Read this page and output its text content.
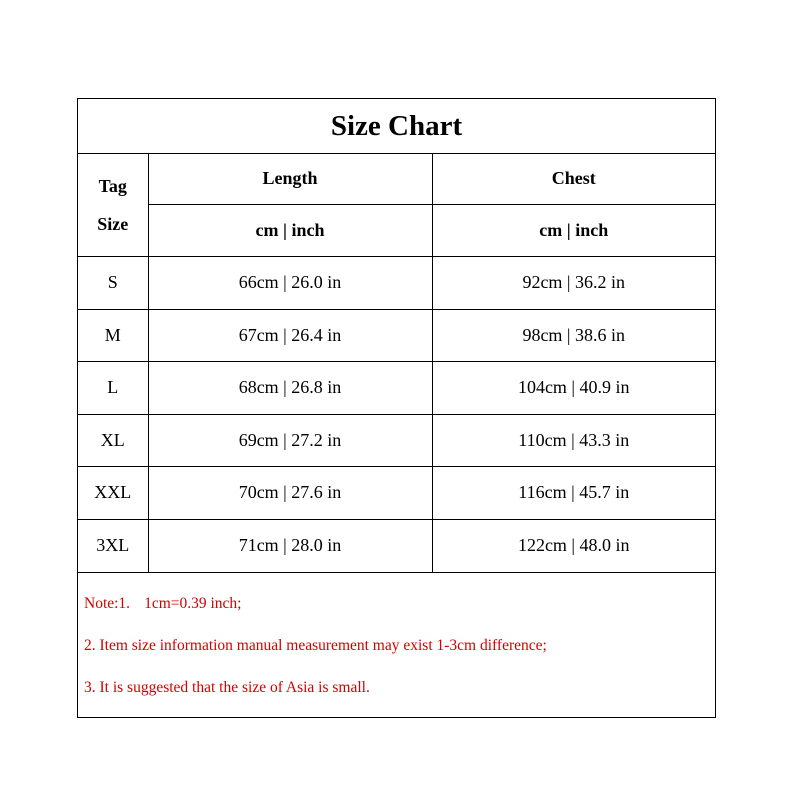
Size Chart
Tag
Size	Length	Chest
	cm | inch	cm | inch
S	66cm | 26.0 in	92cm | 36.2 in
M	67cm | 26.4 in	98cm | 38.6 in
L	68cm | 26.8 in	104cm | 40.9 in
XL	69cm | 27.2 in	110cm | 43.3 in
XXL	70cm | 27.6 in	116cm | 45.7 in
3XL	71cm | 28.0 in	122cm | 48.0 in
Note:1. 1cm=0.39 inch;
2. Item size information manual measurement may exist 1-3cm difference;
3. It is suggested that the size of Asia is small.
